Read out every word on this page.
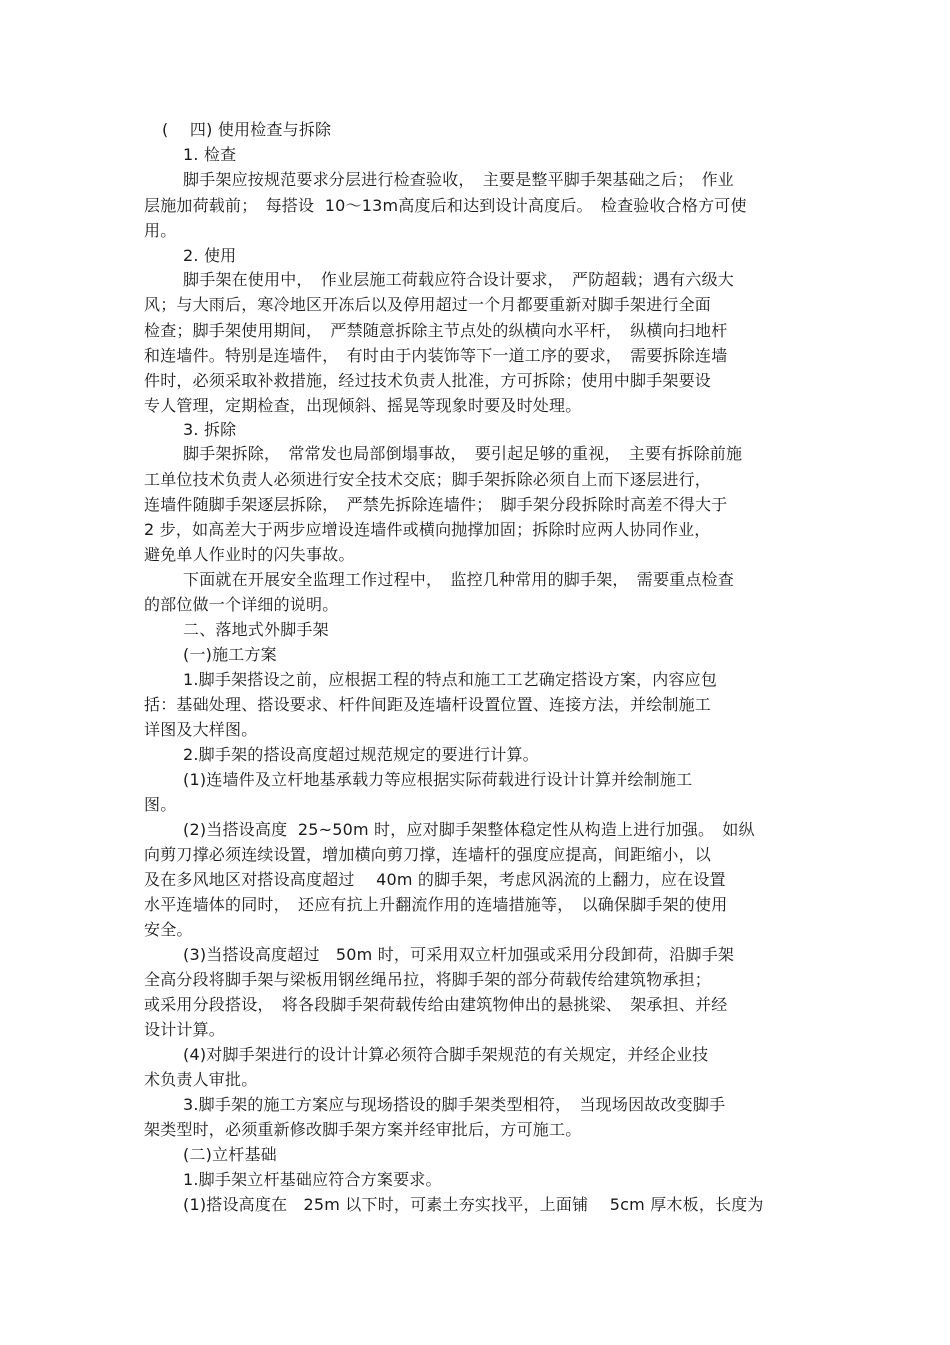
(　 四) 使用检查与拆除
1. 检查
脚手架应按规范要求分层进行检查验收，　主要是整平脚手架基础之后；　作业
层施加荷载前；　每搭设  10～13m高度后和达到设计高度后。　检查验收合格方可使
用。
2. 使用
脚手架在使用中，　作业层施工荷载应符合设计要求，　严防超载；遇有六级大
风；与大雨后，寒冷地区开冻后以及停用超过一个月都要重新对脚手架进行全面
检查；脚手架使用期间，　严禁随意拆除主节点处的纵横向水平杆，　纵横向扫地杆
和连墙件。特别是连墙件，　有时由于内装饰等下一道工序的要求，　需要拆除连墙
件时，必须采取补救措施，经过技术负责人批准，方可拆除；使用中脚手架要设
专人管理，定期检查，出现倾斜、摇晃等现象时要及时处理。
3. 拆除
脚手架拆除，　常常发也局部倒塌事故，　要引起足够的重视，　主要有拆除前施
工单位技术负责人必须进行安全技术交底；脚手架拆除必须自上而下逐层进行，
连墙件随脚手架逐层拆除，　严禁先拆除连墙件；　脚手架分段拆除时高差不得大于
2 步，如高差大于两步应增设连墙件或横向抛撑加固；拆除时应两人协同作业，
避免单人作业时的闪失事故。
下面就在开展安全监理工作过程中，　监控几种常用的脚手架，　需要重点检查
的部位做一个详细的说明。
二、落地式外脚手架
(一)施工方案
1.脚手架搭设之前，应根据工程的特点和施工工艺确定搭设方案，内容应包
括：基础处理、搭设要求、杆件间距及连墙杆设置位置、连接方法，并绘制施工
详图及大样图。
2.脚手架的搭设高度超过规范规定的要进行计算。
(1)连墙件及立杆地基承载力等应根据实际荷载进行设计计算并绘制施工
图。
(2)当搭设高度  25~50m 时，应对脚手架整体稳定性从构造上进行加强。　如纵
向剪刀撑必须连续设置，增加横向剪刀撑，连墙杆的强度应提高，间距缩小，以
及在多风地区对搭设高度超过　 40m 的脚手架，考虑风涡流的上翻力，应在设置
水平连墙体的同时，　还应有抗上升翻流作用的连墙措施等，　以确保脚手架的使用
安全。
(3)当搭设高度超过　50m 时，可采用双立杆加强或采用分段卸荷，沿脚手架
全高分段将脚手架与梁板用钢丝绳吊拉，将脚手架的部分荷载传给建筑物承担；
或采用分段搭设，　将各段脚手架荷载传给由建筑物伸出的悬挑梁、　架承担、并经
设计计算。
(4)对脚手架进行的设计计算必须符合脚手架规范的有关规定，并经企业技
术负责人审批。
3.脚手架的施工方案应与现场搭设的脚手架类型相符，　当现场因故改变脚手
架类型时，必须重新修改脚手架方案并经审批后，方可施工。
(二)立杆基础
1.脚手架立杆基础应符合方案要求。
(1)搭设高度在　25m 以下时，可素土夯实找平，上面铺　 5cm 厚木板，长度为
